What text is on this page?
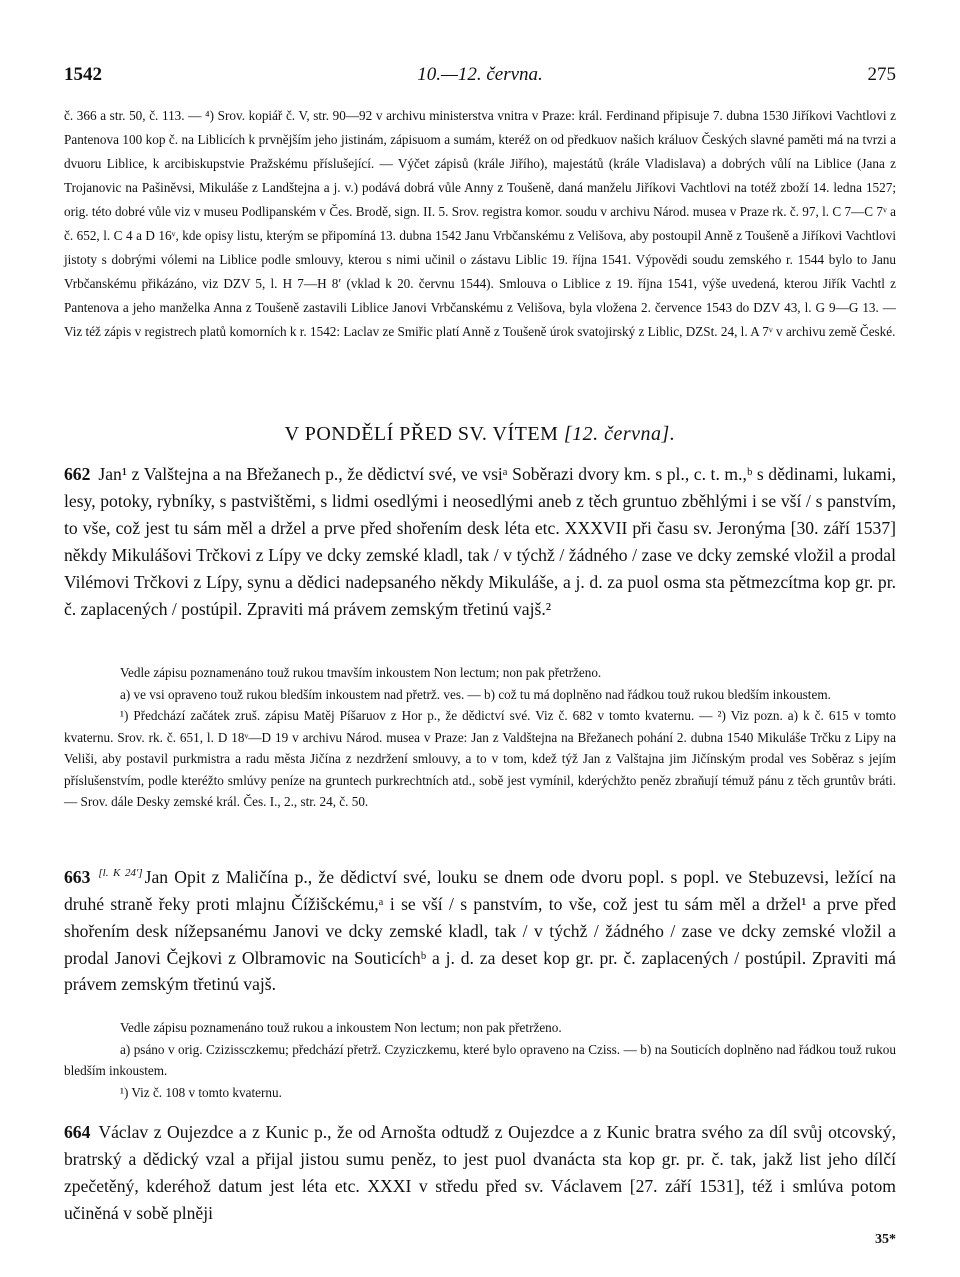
1542	10.—12. června.	275
č. 366 a str. 50, č. 113. — ⁴) Srov. kopiář č. V, str. 90—92 v archivu ministerstva vnitra v Praze: král. Ferdinand připisuje 7. dubna 1530 Jiříkovi Vachtlovi z Pantenova 100 kop č. na Liblicích k prvnějším jeho jistinám, zápisuom a sumám, kteréž on od předkuov našich králuov Českých slavné paměti má na tvrzi a dvuoru Liblice, k arcibiskupstvie Pražskému příslušející. — Výčet zápisů (krále Jiřího), majestátů (krále Vladislava) a dobrých vůlí na Liblice (Jana z Trojanovic na Pašiněvsi, Mikuláše z Landštejna a j. v.) podává dobrá vůle Anny z Toušeně, daná manželu Jiříkovi Vachtlovi na totéž zboží 14. ledna 1527; orig. této dobré vůle viz v museu Podlipanském v Čes. Brodě, sign. II. 5. Srov. registra komor. soudu v archivu Národ. musea v Praze rk. č. 97, l. C 7—C 7ᵛ a č. 652, l. C 4 a D 16ᵛ, kde opisy listu, kterým se připomíná 13. dubna 1542 Janu Vrbčanskému z Velišova, aby postoupil Anně z Toušeně a Jiříkovi Vachtlovi jistoty s dobrými vólemi na Liblice podle smlouvy, kterou s nimi učinil o zástavu Liblic 19. října 1541. Výpovědi soudu zemského r. 1544 bylo to Janu Vrbčanskému přikázáno, viz DZV 5, l. H 7—H 8′ (vklad k 20. červnu 1544). Smlouva o Liblice z 19. října 1541, výše uvedená, kterou Jiřík Vachtl z Pantenova a jeho manželka Anna z Toušeně zastavili Liblice Janovi Vrbčanskému z Velišova, byla vložena 2. července 1543 do DZV 43, l. G 9—G 13. — Viz též zápis v registrech platů komorních k r. 1542: Laclav ze Smiřic platí Anně z Toušeně úrok svatojirský z Liblic, DZSt. 24, l. A 7ᵛ v archivu země České.
V PONDĚLÍ PŘED SV. VÍTEM [12. června].
662 Jan¹ z Valštejna a na Břežanech p., že dědictví své, ve vsiᵃ Soběrazi dvory km. s pl., c. t. m.,ᵇ s dědinami, lukami, lesy, potoky, rybníky, s pastvištěmi, s lidmi osedlými i neosedlými aneb z těch gruntuo zběhlými i se vší / s panstvím, to vše, což jest tu sám měl a držel a prve před shořením desk léta etc. XXXVII při času sv. Jeronýma [30. září 1537] někdy Mikulášovi Trčkovi z Lípy ve dcky zemské kladl, tak / v týchž / žádného / zase ve dcky zemské vložil a prodal Vilémovi Trčkovi z Lípy, synu a dědici nadepsaného někdy Mikuláše, a j. d. za puol osma sta pětmezcítma kop gr. pr. č. zaplacených / postúpil. Zpraviti má právem zemským třetinú vajš.²

Vedle zápisu poznamenáno touž rukou tmavším inkoustem Non lectum; non pak přetrženo.

a) ve vsi opraveno touž rukou bledším inkoustem nad přetrž. ves. — b) což tu má doplněno nad řádkou touž rukou bledším inkoustem.

¹) Předchází začátek zruš. zápisu Matěj Píšaruov z Hor p., že dědictví své. Viz č. 682 v tomto kvaternu. — ²) Viz pozn. a) k č. 615 v tomto kvaternu. Srov. rk. č. 651, l. D 18ᵛ—D 19 v archivu Národ. musea v Praze: Jan z Valdštejna na Břežanech pohání 2. dubna 1540 Mikuláše Trčku z Lipy na Veliši, aby postavil purkmistra a radu města Jičína z nezdržení smlouvy, a to v tom, kdež týž Jan z Valštajna jim Jičínským prodal ves Soběraz s jejím příslušenstvím, podle kteréžto smlúvy peníze na gruntech purkrechtních atd., sobě jest vymínil, kderýchžto peněz zbraňují témuž pánu z těch gruntův bráti. — Srov. dále Desky zemské král. Čes. I., 2., str. 24, č. 50.

663 [l. K 24′] Jan Opit z Maličína p., že dědictví své, louku se dnem ode dvoru popl. s popl. ve Stebuzevsi, ležící na druhé straně řeky proti mlajnu Čížišckému,ᵃ i se vší / s panstvím, to vše, což jest tu sám měl a držel¹ a prve před shořením desk nížepsanému Janovi ve dcky zemské kladl, tak / v týchž / žádného / zase ve dcky zemské vložil a prodal Janovi Čejkovi z Olbramovic na Souticíchᵇ a j. d. za deset kop gr. pr. č. zaplacených / postúpil. Zpraviti má právem zemským třetinú vajš.

Vedle zápisu poznamenáno touž rukou a inkoustem Non lectum; non pak přetrženo.

a) psáno v orig. Czizissczkemu; předchází přetrž. Czyziczkemu, které bylo opraveno na Cziss. — b) na Souticích doplněno nad řádkou touž rukou bledším inkoustem.

¹) Viz č. 108 v tomto kvaternu.

664 Václav z Oujezdce a z Kunic p., že od Arnošta odtudž z Oujezdce a z Kunic bratra svého za díl svůj otcovský, bratrský a dědický vzal a přijal jistou sumu peněz, to jest puol dvanácta sta kop gr. pr. č. tak, jakž list jeho dílčí zpečetěný, kderéhož datum jest léta etc. XXXI v středu před sv. Václavem [27. září 1531], též i smlúva potom učiněná v sobě plněji
35*
